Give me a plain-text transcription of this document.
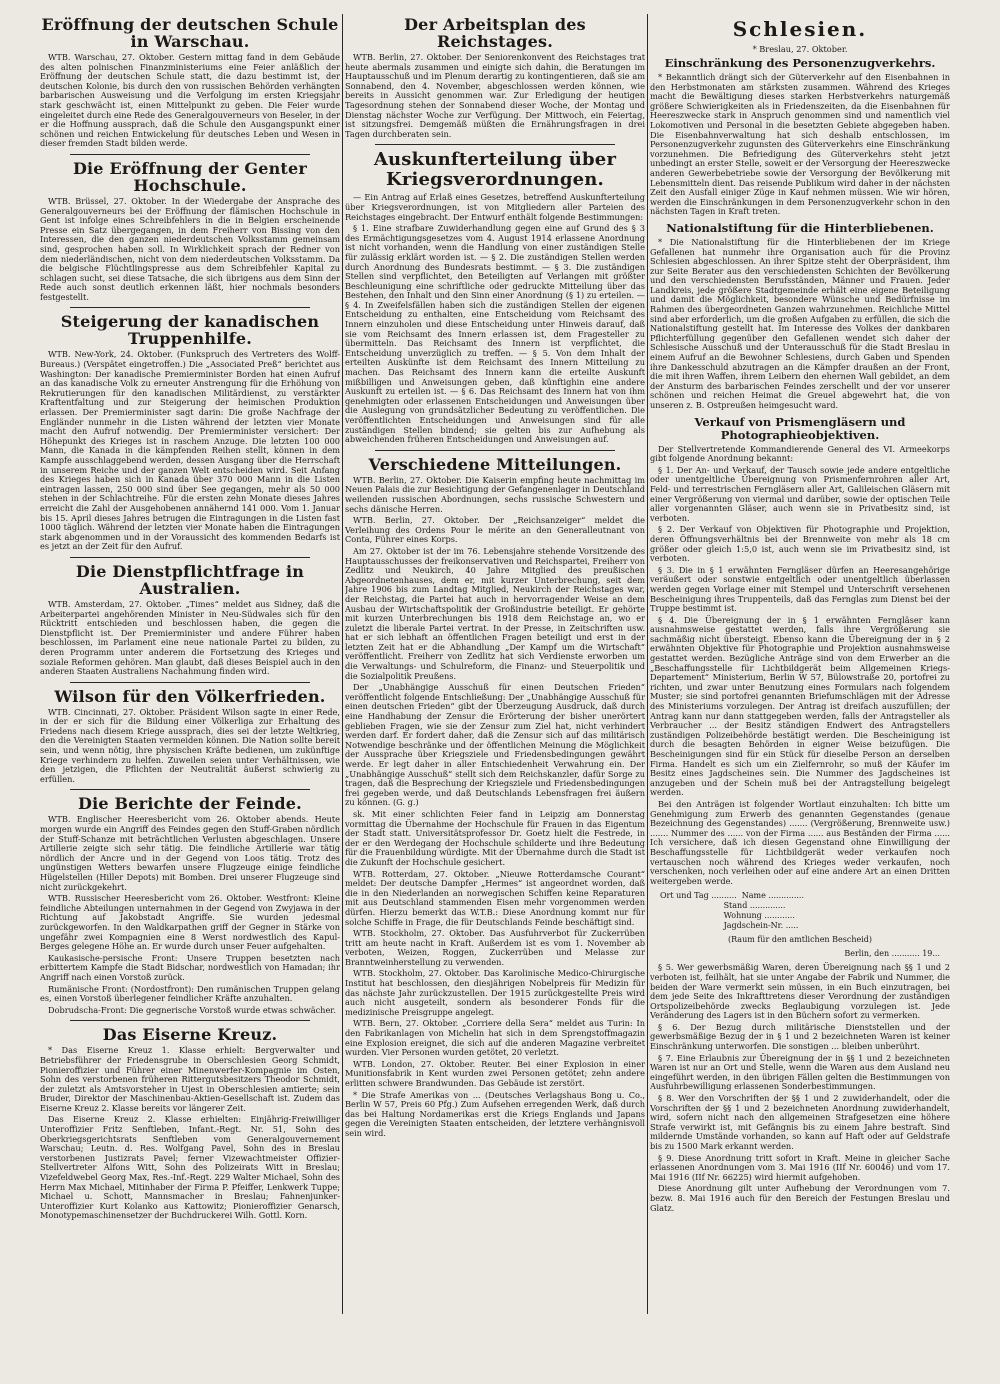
Eröffnung der deutschen Schule in Warschau.

WTB. Warschau, 27. Oktober. Gestern mittag fand in dem Gebäude des alten polnischen Finanzministeriums eine Feier anläßlich der Eröffnung der deutschen Schule statt, die dazu bestimmt ist, der deutschen Kolonie, bis durch den von russischen Behörden verhängten barbarischen Ausweisung und die Verfolgung im ersten Kriegsjahr stark geschwächt ist, einen Mittelpunkt zu geben. Die Feier wurde eingeleitet durch eine Rede des Generalgouverneurs von Beseler, in der er die Hoffnung aussprach, daß die Schule den Ausgangspunkt einer schönen und reichen Entwickelung für deutsches Leben und Wesen in dieser fremden Stadt bilden werde.

Die Eröffnung der Genter Hochschule.

WTB. Brüssel, 27. Oktober. In der Wiedergabe der Ansprache des Generalgouverneurs bei der Eröffnung der flämischen Hochschule in Gent ist infolge eines Schreibfehlers in die in Belgien erscheinende Presse ein Satz übergegangen, in dem Freiherr von Bissing von den Interessen, die den ganzen niederdeutschen Volksstamm gemeinsam sind, gesprochen haben soll. In Wirklichkeit sprach der Redner von dem niederländischen, nicht von dem niederdeutschen Volksstamm. Da die belgische Flüchtlingspresse aus dem Schreibfehler Kapital zu schlagen sucht, sei diese Tatsache, die sich übrigens aus dem Sinn der Rede auch sonst deutlich erkennen läßt, hier nochmals besonders festgestellt.

Steigerung der kanadischen Truppenhilfe.

WTB. New-York, 24. Oktober. (Funkspruch des Vertreters des Wolff-Bureaus.) (Verspätet eingetroffen.) Die „Associated Preß“ berichtet aus Washington: Der kanadische Premierminister Borden hat einen Aufruf an das kanadische Volk zu erneuter Anstrengung für die Erhöhung von Rekrutierungen für den kanadischen Militärdienst, zu verstärkter Kraftentfaltung und zur Steigerung der heimischen Produktion erlassen. Der Premierminister sagt darin: Die große Nachfrage der Engländer nunmehr in die Listen während der letzten vier Monate macht den Aufruf notwendig. Der Premierminister versichert: Der Höhepunkt des Krieges ist in raschem Anzuge. Die letzten 100 000 Mann, die Kanada in die kämpfenden Reihen stellt, können in dem Kampfe ausschlaggebend werden, dessen Ausgang über die Herrschaft in unserem Reiche und der ganzen Welt entscheiden wird. Seit Anfang des Krieges haben sich in Kanada über 370 000 Mann in die Listen eintragen lassen, 250 000 sind über See gegangen, mehr als 50 000 stehen in der Schlachtreihe. Für die ersten zehn Monate dieses Jahres erreicht die Zahl der Ausgehobenen annähernd 141 000. Vom 1. Januar bis 15. April dieses Jahres betrugen die Eintragungen in die Listen fast 1000 täglich. Während der letzten vier Monate haben die Eintragungen stark abgenommen und in der Voraussicht des kommenden Bedarfs ist es jetzt an der Zeit für den Aufruf.

Die Dienstpflichtfrage in Australien.

WTB. Amsterdam, 27. Oktober. „Times“ meldet aus Sidney, daß die Arbeiterpartei angehörenden Minister in Neu-Südwales sich für den Rücktritt entschieden und beschlossen haben, die gegen die Dienstpflicht ist. Der Premierminister und andere Führer haben beschlossen, im Parlament eine neue nationale Partei zu bilden, zu deren Programm unter anderem die Fortsetzung des Krieges und soziale Reformen gehören. Man glaubt, daß dieses Beispiel auch in den anderen Staaten Australiens Nachahmung finden wird.

Wilson für den Völkerfrieden.

WTB. Cincinnati, 27. Oktober. Präsident Wilson sagte in einer Rede, in der er sich für die Bildung einer Völkerliga zur Erhaltung des Friedens nach diesem Kriege aussprach, dies sei der letzte Weltkrieg, den die Vereinigten Staaten vermeiden können. Die Nation sollte bereit sein, und wenn nötig, ihre physischen Kräfte bedienen, um zukünftige Kriege verhindern zu helfen. Zuweilen seien unter Verhältnissen, wie den jetzigen, die Pflichten der Neutralität äußerst schwierig zu erfüllen.

Die Berichte der Feinde.

WTB. Englischer Heeresbericht vom 26. Oktober abends. Heute morgen wurde ein Angriff des Feindes gegen den Stuff-Graben nördlich der Stuff-Schanze mit beträchtlichen Verlusten abgeschlagen. Unsere Artillerie zeigte sich sehr tätig. Die feindliche Artillerie war tätig nördlich der Ancre und in der Gegend von Loos tätig. Trotz des ungünstigen Wetters bewarfen unsere Flugzeuge einige feindliche Hügelstellen (Hiller Depots) mit Bomben. Drei unserer Flugzeuge sind nicht zurückgekehrt.

WTB. Russischer Heeresbericht vom 26. Oktober. Westfront: Kleine feindliche Abteilungen unternahmen in der Gegend von Zwyjawa in der Richtung auf Jakobstadt Angriffe. Sie wurden jedesmal zurückgeworfen. In den Waldkarpathen griff der Gegner in Stärke von ungefähr zwei Kompagnien eine 8 Werst nordwestlich des Kapul-Berges gelegene Höhe an. Er wurde durch unser Feuer aufgehalten.

Kaukasische-persische Front: Unsere Truppen besetzten nach erbittertem Kampfe die Stadt Bidschar, nordwestlich von Hamadan; ihr Angriff nach einen Vorstoß zurück.

Rumänische Front: (Nordostfront): Den rumänischen Truppen gelang es, einen Vorstoß überlegener feindlicher Kräfte anzuhalten.

Dobrudscha-Front: Die gegnerische Vorstoß wurde etwas schwächer.

Das Eiserne Kreuz.

* Das Eiserne Kreuz 1. Klasse erhielt: Bergverwalter und Betriebsführer der Friedensgrube in Oberschlesien Georg Schmidt, Pionieroffizier und Führer einer Minenwerfer-Kompagnie im Osten, Sohn des verstorbenen früheren Rittergutsbesitzers Theodor Schmidt, der zuletzt als Amtsvorsteher in Ujest in Oberschlesien amtierte; sein Bruder, Direktor der Maschinenbau-Aktien-Gesellschaft ist. Zudem das Eiserne Kreuz 2. Klasse bereits vor längerer Zeit.

Das Eiserne Kreuz 2. Klasse erhielten: Einjährig-Freiwilliger Unteroffizier Fritz Senftleben, Infant.-Regt. Nr. 51, Sohn des Oberkriegsgerichtsrats Senftleben vom Generalgouvernement Warschau; Leutn. d. Res. Wolfgang Pavel, Sohn des in Breslau verstorbenen Justizrats Pavel; ferner Vizewachtmeister Offizier-Stellvertreter Alfons Witt, Sohn des Polizeirats Witt in Breslau; Vizefeldwebel Georg Max, Res.-Inf.-Regt. 229 Walter Michael, Sohn des Herrn Max Michael, Mitinhaber der Firma P. Pfeiffer, Lenkwerk Tuppe; Michael u. Schott, Mannsmacher in Breslau; Fahnenjunker-Unteroffizier Kurt Kolanko aus Kattowitz; Pionieroffizier Genarsch, Monotypemaschinensetzer der Buchdruckerei Wilh. Gottl. Korn.

Der Arbeitsplan des Reichstages.

WTB. Berlin, 27. Oktober. Der Seniorenkonvent des Reichstages trat heute abermals zusammen und einigte sich dahin, die Beratungen im Hauptausschuß und im Plenum derartig zu kontingentieren, daß sie am Sonnabend, den 4. November, abgeschlossen werden können, wie bereits in Aussicht genommen war. Zur Erledigung der heutigen Tagesordnung stehen der Sonnabend dieser Woche, der Montag und Dienstag nächster Woche zur Verfügung. Der Mittwoch, ein Feiertag, ist sitzungsfrei. Demgemäß müßten die Ernährungsfragen in drei Tagen durchberaten sein.

Auskunfterteilung über Kriegsverordnungen.

— Ein Antrag auf Erlaß eines Gesetzes, betreffend Auskunfterteilung über Kriegsverordnungen, ist von Mitgliedern aller Parteien des Reichstages eingebracht. Der Entwurf enthält folgende Bestimmungen:

§ 1. Eine strafbare Zuwiderhandlung gegen eine auf Grund des § 3 des Ermächtigungsgesetzes vom 4. August 1914 erlassene Anordnung ist nicht vorhanden, wenn die Handlung von einer zuständigen Stelle für zulässig erklärt worden ist. — § 2. Die zuständigen Stellen werden durch Anordnung des Bundesrats bestimmt. — § 3. Die zuständigen Stellen sind verpflichtet, den Beteiligten auf Verlangen mit größter Beschleunigung eine schriftliche oder gedruckte Mitteilung über das Bestehen, den Inhalt und den Sinn einer Anordnung (§ 1) zu erteilen. — § 4. In Zweifelsfällen haben sich die zuständigen Stellen der eigenen Entscheidung zu enthalten, eine Entscheidung vom Reichsamt des Innern einzuholen und diese Entscheidung unter Hinweis darauf, daß sie vom Reichsamt des Innern erlassen ist, dem Fragesteller zu übermitteln. Das Reichsamt des Innern ist verpflichtet, die Entscheidung unverzüglich zu treffen. — § 5. Von dem Inhalt der erteilten Auskünfte ist dem Reichsamt des Innern Mitteilung zu machen. Das Reichsamt des Innern kann die erteilte Auskunft mißbilligen und Anweisungen geben, daß künftighin eine andere Auskunft zu erteilen ist. — § 6. Das Reichsamt des Innern hat von ihm genehmigten oder erlassenen Entscheidungen und Anweisungen über die Auslegung von grundsätzlicher Bedeutung zu veröffentlichen. Die veröffentlichten Entscheidungen und Anweisungen sind für alle zuständigen Stellen bindend; sie gelten bis zur Aufhebung als abweichenden früheren Entscheidungen und Anweisungen auf.

Verschiedene Mitteilungen.

WTB. Berlin, 27. Oktober. Die Kaiserin empfing heute nachmittag im Neuen Palais die zur Besichtigung der Gefangenenlager in Deutschland weilenden russischen Abordnungen, sechs russische Schwestern und sechs dänische Herren.

WTB. Berlin, 27. Oktober. Der „Reichsanzeiger“ meldet die Verleihung des Ordens Pour le mérite an den Generalleutnant von Conta, Führer eines Korps.

Am 27. Oktober ist der im 76. Lebensjahre stehende Vorsitzende des Hauptausschusses der freikonservativen und Reichspartei, Freiherr von Zedlitz und Neukirch, 40 Jahre Mitglied des preußischen Abgeordnetenhauses, dem er, mit kurzer Unterbrechung, seit dem Jahre 1906 bis zum Landtag Mitglied, Neukirch der Reichstages war, der Reichstag, die Partei hat auch in hervorragender Weise an dem Ausbau der Wirtschaftspolitik der Großindustrie beteiligt. Er gehörte mit kurzen Unterbrechungen bis 1918 dem Reichstage an, wo er zuletzt die liberale Partei vertrat. In der Presse, in Zeitschriften usw. hat er sich lebhaft an öffentlichen Fragen beteiligt und erst in der letzten Zeit hat er die Abhandlung „Der Kampf um die Wirtschaft“ veröffentlicht. Freiherr von Zedlitz hat sich Verdienste erworben um die Verwaltungs- und Schulreform, die Finanz- und Steuerpolitik und die Sozialpolitik Preußens.

Der „Unabhängige Ausschuß für einen Deutschen Frieden“ veröffentlicht folgende Entschließung: Der „Unabhängige Ausschuß für einen deutschen Frieden“ gibt der Überzeugung Ausdruck, daß durch eine Handhabung der Zensur die Erörterung der bisher unerörtert geblieben Fragen, wie sie der Zensur zum Ziel hat, nicht verhindert werden darf. Er fordert daher, daß die Zensur sich auf das militärisch Notwendige beschränke und der öffentlichen Meinung die Möglichkeit der Aussprache über Kriegsziele und Friedensbedingungen gewährt werde. Er legt daher in aller Entschiedenheit Verwahrung ein. Der „Unabhängige Ausschuß“ stellt sich dem Reichskanzler, dafür Sorge zu tragen, daß die Besprechung der Kriegsziele und Friedensbedingungen frei gegeben werde, und daß Deutschlands Lebensfragen frei äußern zu können. (G. g.)

sk. Mit einer schlichten Feier fand in Leipzig am Donnerstag vormittag die Übernahme der Hochschule für Frauen in das Eigentum der Stadt statt. Universitätsprofessor Dr. Goetz hielt die Festrede, in der er den Werdegang der Hochschule schilderte und ihre Bedeutung für die Frauenbildung würdigte. Mit der Übernahme durch die Stadt ist die Zukunft der Hochschule gesichert.

WTB. Rotterdam, 27. Oktober. „Nieuwe Rotterdamsche Courant“ meldet: Der deutsche Dampfer „Hermes“ ist angeordnet worden, daß die in den Niederlanden an norwegischen Schiffen keine Reparaturen mit aus Deutschland stammenden Eisen mehr vorgenommen werden dürfen. Hierzu bemerkt das W.T.B.: Diese Anordnung kommt nur für solche Schiffe in Frage, die für Deutschlands Feinde beschäftigt sind.

WTB. Stockholm, 27. Oktober. Das Ausfuhrverbot für Zuckerrüben tritt am heute nacht in Kraft. Außerdem ist es vom 1. November ab verboten, Weizen, Roggen, Zuckerrüben und Melasse zur Branntweinherstellung zu verwenden.

WTB. Stockholm, 27. Oktober. Das Karolinische Medico-Chirurgische Institut hat beschlossen, den diesjährigen Nobelpreis für Medizin für das nächste Jahr zurückzustellen. Der 1915 zurückgestellte Preis wird auch nicht ausgeteilt, sondern als besonderer Fonds für die medizinische Preisgruppe angelegt.

WTB. Bern, 27. Oktober. „Corriere della Sera“ meldet aus Turin: In den Fabrikanlagen von Michelin hat sich in dem Sprengstoffmagazin eine Explosion ereignet, die sich auf die anderen Magazine verbreitet wurden. Vier Personen wurden getötet, 20 verletzt.

WTB. London, 27. Oktober. Reuter. Bei einer Explosion in einer Munitionsfabrik in Kent wurden zwei Personen getötet; zehn andere erlitten schwere Brandwunden. Das Gebäude ist zerstört.

* Die Strafe Amerikas von ... (Deutsches Verlagshaus Bong u. Co., Berlin W 57, Preis 60 Pfg.) Zum Aufsehen erregenden Werk, daß durch das bei Haltung Nordamerikas erst die Kriegs Englands und Japans gegen die Vereinigten Staaten entscheiden, der letztere verhängnisvoll sein wird.

Schlesien.
* Breslau, 27. Oktober.
Einschränkung des Personenzugverkehrs.

* Bekanntlich drängt sich der Güterverkehr auf den Eisenbahnen in den Herbstmonaten am stärksten zusammen. Während des Krieges macht die Bewältigung dieses starken Herbstverkehrs naturgemäß größere Schwierigkeiten als in Friedenszeiten, da die Eisenbahnen für Heereszwecke stark in Anspruch genommen sind und namentlich viel Lokomotiven und Personal in die besetzten Gebiete abgegeben haben. Die Eisenbahnverwaltung hat sich deshalb entschlossen, im Personenzugverkehr zugunsten des Güterverkehrs eine Einschränkung vorzunehmen. Die Befriedigung des Güterverkehrs steht jetzt unbedingt an erster Stelle, soweit er der Versorgung der Heereszwecke anderen Gewerbebetriebe sowie der Versorgung der Bevölkerung mit Lebensmitteln dient. Das reisende Publikum wird daher in der nächsten Zeit den Ausfall einiger Züge in Kauf nehmen müssen. Wie wir hören, werden die Einschränkungen in dem Personenzugverkehr schon in den nächsten Tagen in Kraft treten.

Nationalstiftung für die Hinterbliebenen.

* Die Nationalstiftung für die Hinterbliebenen der im Kriege Gefallenen hat nunmehr ihre Organisation auch für die Provinz Schlesien abgeschlossen. An ihrer Spitze steht der Oberpräsident, ihm zur Seite Berater aus den verschiedensten Schichten der Bevölkerung und den verschiedensten Berufsständen, Männer und Frauen. Jeder Landkreis, jede größere Stadtgemeinde erhält eine eigene Beteiligung und damit die Möglichkeit, besondere Wünsche und Bedürfnisse im Rahmen des übergeordneten Ganzen wahrzunehmen. Reichliche Mittel sind aber erforderlich, um die großen Aufgaben zu erfüllen, die sich die Nationalstiftung gestellt hat. Im Interesse des Volkes der dankbaren Pflichterfüllung gegenüber den Gefallenen wendet sich daher der Schlesische Ausschuß und der Unterausschuß für die Stadt Breslau in einem Aufruf an die Bewohner Schlesiens, durch Gaben und Spenden ihre Dankesschuld abzutragen an die Kämpfer draußen an der Front, die mit ihren Waffen, ihrem Leibern den ehernen Wall gebildet, an dem der Ansturm des barbarischen Feindes zerschellt und der vor unserer schönen und reichen Heimat die Greuel abgewehrt hat, die von unseren z. B. Ostpreußen heimgesucht ward.

Verkauf von Prismengläsern und Photographieobjektiven.

Der Stellvertretende Kommandierende General des VI. Armeekorps gibt folgende Anordnung bekannt:

§ 1. Der An- und Verkauf, der Tausch sowie jede andere entgeltliche oder unentgeltliche Übereignung von Prismenfernrohren aller Art, Feld- und terrestrischen Ferngläsern aller Art, Galileischen Gläsern mit einer Vergrößerung von viermal und darüber, sowie der optischen Teile aller vorgenannten Gläser, auch wenn sie in Privatbesitz sind, ist verboten.

§ 2. Der Verkauf von Objektiven für Photographie und Projektion, deren Öffnungsverhältnis bei der Brennweite von mehr als 18 cm größer oder gleich 1:5,0 ist, auch wenn sie im Privatbesitz sind, ist verboten.

§ 3. Die in § 1 erwähnten Ferngläser dürfen an Heeresangehörige veräußert oder sonstwie entgeltlich oder unentgeltlich überlassen werden gegen Vorlage einer mit Stempel und Unterschrift versehenen Bescheinigung ihres Truppenteils, daß das Fernglas zum Dienst bei der Truppe bestimmt ist.

§ 4. Die Übereignung der in § 1 erwähnten Ferngläser kann ausnahmsweise gestattet werden, falls ihre Vergrößerung sie sachmäßig nicht übersteigt. Ebenso kann die Übereignung der in § 2 erwähnten Objektive für Photographie und Projektion ausnahmsweise gestattet werden. Bezügliche Anträge sind von dem Erwerber an die „Beschaffungsstelle für Lichtbildgerät beim Allgemeinen Kriegs-Departement“ Ministerium, Berlin W 57, Bülowstraße 20, portofrei zu richten, und zwar unter Benutzung eines Formulars nach folgendem Muster; sie sind portofrei genannten Briefumschlägen mit der Adresse des Ministeriums vorzulegen. Der Antrag ist dreifach auszufüllen; der Antrag kann nur dann stattgegeben werden, falls der Antragsteller als Verbraucher ... der Besitz ständigen Endwert des Antragstellers zuständigen Polizeibehörde bestätigt werden. Die Bescheinigung ist durch die besagten Behörden in eigner Weise beizufügen. Die Bescheinigungen sind für ein Stück für dieselbe Person an derselben Firma. Handelt es sich um ein Zielfernrohr, so muß der Käufer im Besitz eines Jagdscheines sein. Die Nummer des Jagdscheines ist anzugeben und der Schein muß bei der Antragstellung beigelegt werden.

Bei den Anträgen ist folgender Wortlaut einzuhalten: Ich bitte um Genehmigung zum Erwerb des genannten Gegenstandes (genaue Bezeichnung des Gegenstandes) ....... (Vergrößerung, Brennweite usw.) ....... Nummer des ...... von der Firma ...... aus Beständen der Firma ...... Ich versichere, daß ich diesen Gegenstand ohne Einwilligung der Beschaffungsstelle für Lichtbildgerät weder verkaufen noch vertauschen noch während des Krieges weder verkaufen, noch verschenken, noch verleihen oder auf eine andere Art an einen Dritten weitergeben werde.

Ort und Tag ..........  Name ..............
Stand ..............
Wohnung ............
Jagdschein-Nr. .....
(Raum für den amtlichen Bescheid)
Berlin, den ........... 19...

§ 5. Wer gewerbsmäßig Waren, deren Übereignung nach §§ 1 und 2 verboten ist, feilhält, hat sie unter Angabe der Fabrik und Nummer, die beiden der Ware vermerkt sein müssen, in ein Buch einzutragen, bei dem jede Seite des Inkrafttretens dieser Verordnung der zuständigen Ortspolizeibehörde zwecks Beglaubigung vorzulegen ist. Jede Veränderung des Lagers ist in den Büchern sofort zu vermerken.

§ 6. Der Bezug durch militärische Dienststellen und der gewerbsmäßige Bezug der in § 1 und 2 bezeichneten Waren ist keiner Einschränkung unterworfen. Die sonstigen ... bleiben unberührt.

§ 7. Eine Erlaubnis zur Übereignung der in §§ 1 und 2 bezeichneten Waren ist nur an Ort und Stelle, wenn die Waren aus dem Ausland neu eingeführt werden, in den übrigen Fällen gelten die Bestimmungen von Ausfuhrbewilligung erlassenen Sonderbestimmungen.

§ 8. Wer den Vorschriften der §§ 1 und 2 zuwiderhandelt, oder die Vorschriften der §§ 1 und 2 bezeichneten Anordnung zuwiderhandelt, wird, sofern nicht nach den allgemeinen Strafgesetzen eine höhere Strafe verwirkt ist, mit Gefängnis bis zu einem Jahre bestraft. Sind mildernde Umstände vorhanden, so kann auf Haft oder auf Geldstrafe bis zu 1500 Mark erkannt werden.

§ 9. Diese Anordnung tritt sofort in Kraft. Meine in gleicher Sache erlassenen Anordnungen vom 3. Mai 1916 (IIf Nr. 60046) und vom 17. Mai 1916 (IIf Nr. 66225) wird hiermit aufgehoben.

Diese Anordnung gilt unter Aufhebung der Verordnungen vom 7. bezw. 8. Mai 1916 auch für den Bereich der Festungen Breslau und Glatz.
